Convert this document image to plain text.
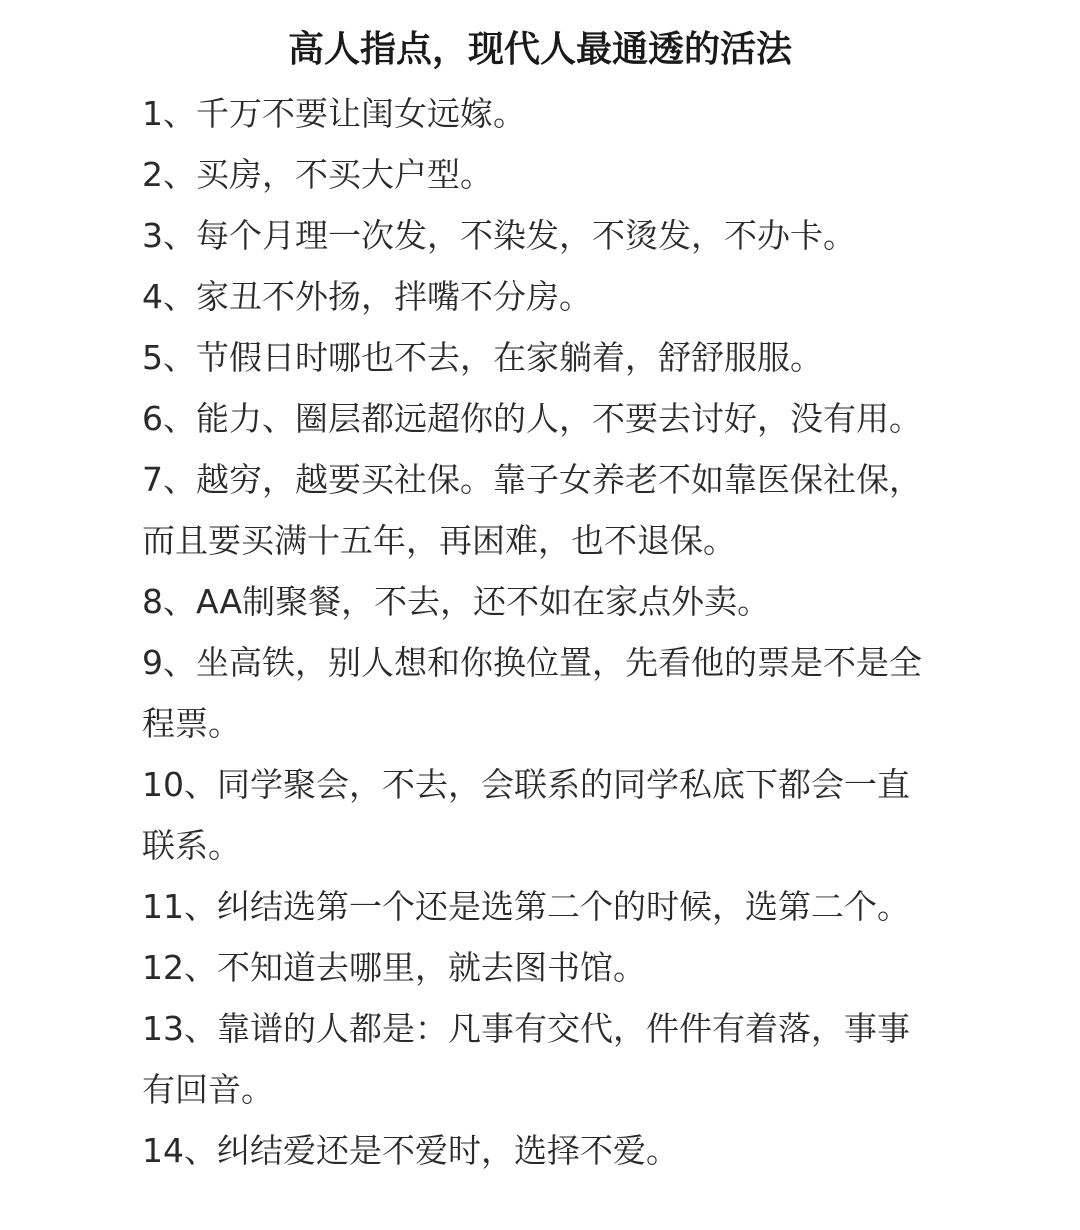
高人指点，现代人最通透的活法
1、千万不要让闺女远嫁。
2、买房，不买大户型。
3、每个月理一次发，不染发，不烫发，不办卡。
4、家丑不外扬，拌嘴不分房。
5、节假日时哪也不去，在家躺着，舒舒服服。
6、能力、圈层都远超你的人，不要去讨好，没有用。
7、越穷，越要买社保。靠子女养老不如靠医保社保，而且要买满十五年，再困难，也不退保。
8、AA制聚餐，不去，还不如在家点外卖。
9、坐高铁，别人想和你换位置，先看他的票是不是全程票。
10、同学聚会，不去，会联系的同学私底下都会一直联系。
11、纠结选第一个还是选第二个的时候，选第二个。
12、不知道去哪里，就去图书馆。
13、靠谱的人都是：凡事有交代，件件有着落，事事有回音。
14、纠结爱还是不爱时，选择不爱。
